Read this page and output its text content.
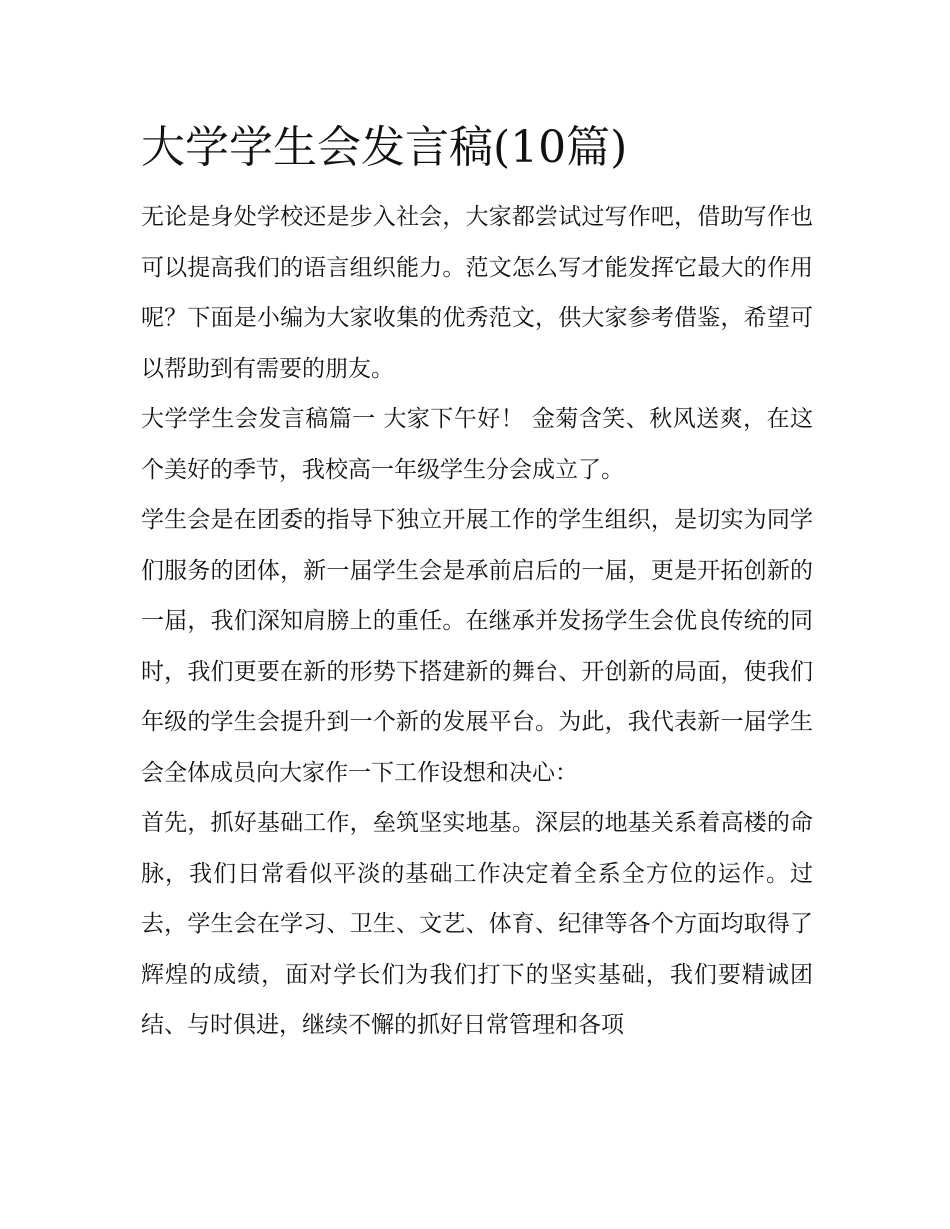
大学学生会发言稿(10篇)

无论是身处学校还是步入社会，大家都尝试过写作吧，借助写作也可以提高我们的语言组织能力。范文怎么写才能发挥它最大的作用呢？下面是小编为大家收集的优秀范文，供大家参考借鉴，希望可以帮助到有需要的朋友。

大学学生会发言稿篇一 大家下午好！ 金菊含笑、秋风送爽，在这个美好的季节，我校高一年级学生分会成立了。

学生会是在团委的指导下独立开展工作的学生组织，是切实为同学们服务的团体，新一届学生会是承前启后的一届，更是开拓创新的一届，我们深知肩膀上的重任。在继承并发扬学生会优良传统的同时，我们更要在新的形势下搭建新的舞台、开创新的局面，使我们年级的学生会提升到一个新的发展平台。为此，我代表新一届学生会全体成员向大家作一下工作设想和决心：

首先，抓好基础工作，垒筑坚实地基。深层的地基关系着高楼的命脉，我们日常看似平淡的基础工作决定着全系全方位的运作。过去，学生会在学习、卫生、文艺、体育、纪律等各个方面均取得了辉煌的成绩，面对学长们为我们打下的坚实基础，我们要精诚团结、与时俱进，继续不懈的抓好日常管理和各项
